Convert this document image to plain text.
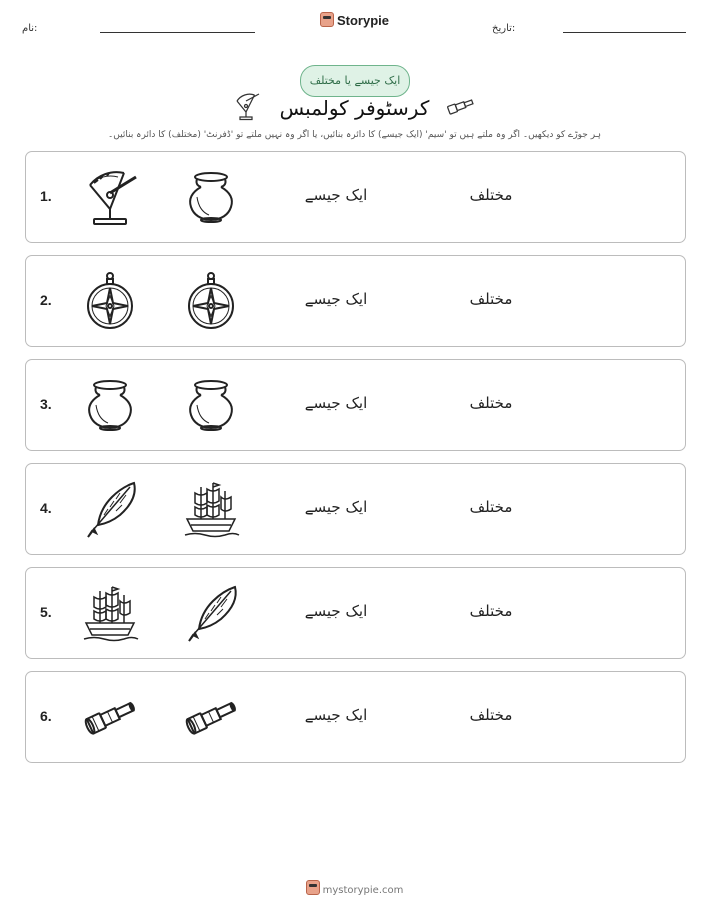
نام:
Storypie
تاریخ:
ایک جیسے یا مختلف
کرسٹوفر کولمبس
ہر جوڑے کو دیکھیں۔ اگر وہ ملتے ہیں تو 'سیم' (ایک جیسے) کا دائرہ بنائیں، یا اگر وہ نہیں ملتے تو 'ڈفرنٹ' (مختلف) کا دائرہ بنائیں۔
1.	ایک جیسے	مختلف
2.	ایک جیسے	مختلف
3.	ایک جیسے	مختلف
4.	ایک جیسے	مختلف
5.	ایک جیسے	مختلف
6.	ایک جیسے	مختلف
mystorypie.com
